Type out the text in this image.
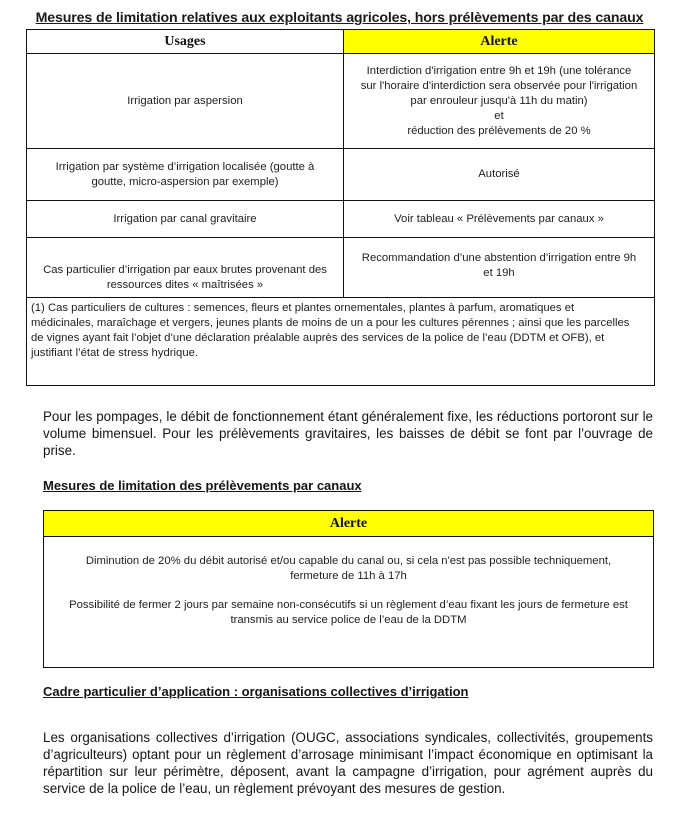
Mesures de limitation relatives aux exploitants agricoles, hors prélèvements par des canaux
Usages	Alerte
Irrigation par aspersion	Interdiction d'irrigation entre 9h et 19h (une tolérance
sur l'horaire d'interdiction sera observée pour l'irrigation
par enrouleur jusqu'à 11h du matin)
et
réduction des prélèvements de 20 %

Irrigation par système d’irrigation localisée (goutte à
goutte, micro-aspersion par exemple)	Autorisé
Irrigation par canal gravitaire	Voir tableau « Prélèvements par canaux »

Cas particulier d’irrigation par eaux brutes provenant des
ressources dites « maîtrisées »	Recommandation d’une abstention d’irrigation entre 9h
et 19h

(1) Cas particuliers de cultures : semences, fleurs et plantes ornementales, plantes à parfum, aromatiques et
médicinales, maraîchage et vergers, jeunes plants de moins de un a pour les cultures pérennes ; ainsi que les parcelles
de vignes ayant fait l’objet d’une déclaration préalable auprès des services de la police de l’eau (DDTM et OFB), et
justifiant l’état de stress hydrique.	

Pour les pompages, le débit de fonctionnement étant généralement fixe, les réductions portoront sur le volume bimensuel. Pour les prélèvements gravitaires, les baisses de débit se font par l’ouvrage de prise.

Mesures de limitation des prélèvements par canaux
Alerte

Diminution de 20% du débit autorisé et/ou capable du canal ou, si cela n'est pas possible techniquement,
fermeture de 11h à 17h

Possibilité de fermer 2 jours par semaine non-consécutifs si un règlement d’eau fixant les jours de fermeture est
transmis au service police de l’eau de la DDTM

Cadre particulier d’application : organisations collectives d’irrigation

Les organisations collectives d’irrigation (OUGC, associations syndicales, collectivités, groupements d’agriculteurs) optant pour un règlement d’arrosage minimisant l’impact économique en optimisant la répartition sur leur périmètre, déposent, avant la campagne d’irrigation, pour agrément auprès du service de la police de l’eau, un règlement prévoyant des mesures de gestion.
